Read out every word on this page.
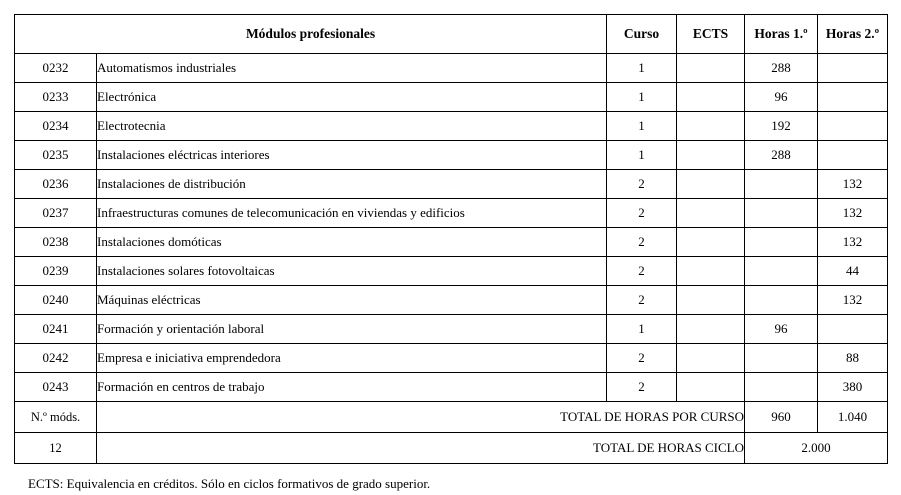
Módulos profesionales		Curso	ECTS	Horas 1.º	Horas 2.º
0232	Automatismos industriales	1		288	
0233	Electrónica	1		96	
0234	Electrotecnia	1		192	
0235	Instalaciones eléctricas interiores	1		288	
0236	Instalaciones de distribución	2			132
0237	Infraestructuras comunes de telecomunicación en viviendas y edificios	2			132
0238	Instalaciones domóticas	2			132
0239	Instalaciones solares fotovoltaicas	2			44
0240	Máquinas eléctricas	2			132
0241	Formación y orientación laboral	1		96	
0242	Empresa e iniciativa emprendedora	2			88
0243	Formación en centros de trabajo	2			380
N.º móds.	TOTAL DE HORAS POR CURSO			960	1.040
12	TOTAL DE HORAS CICLO			2.000	
ECTS: Equivalencia en créditos. Sólo en ciclos formativos de grado superior.
